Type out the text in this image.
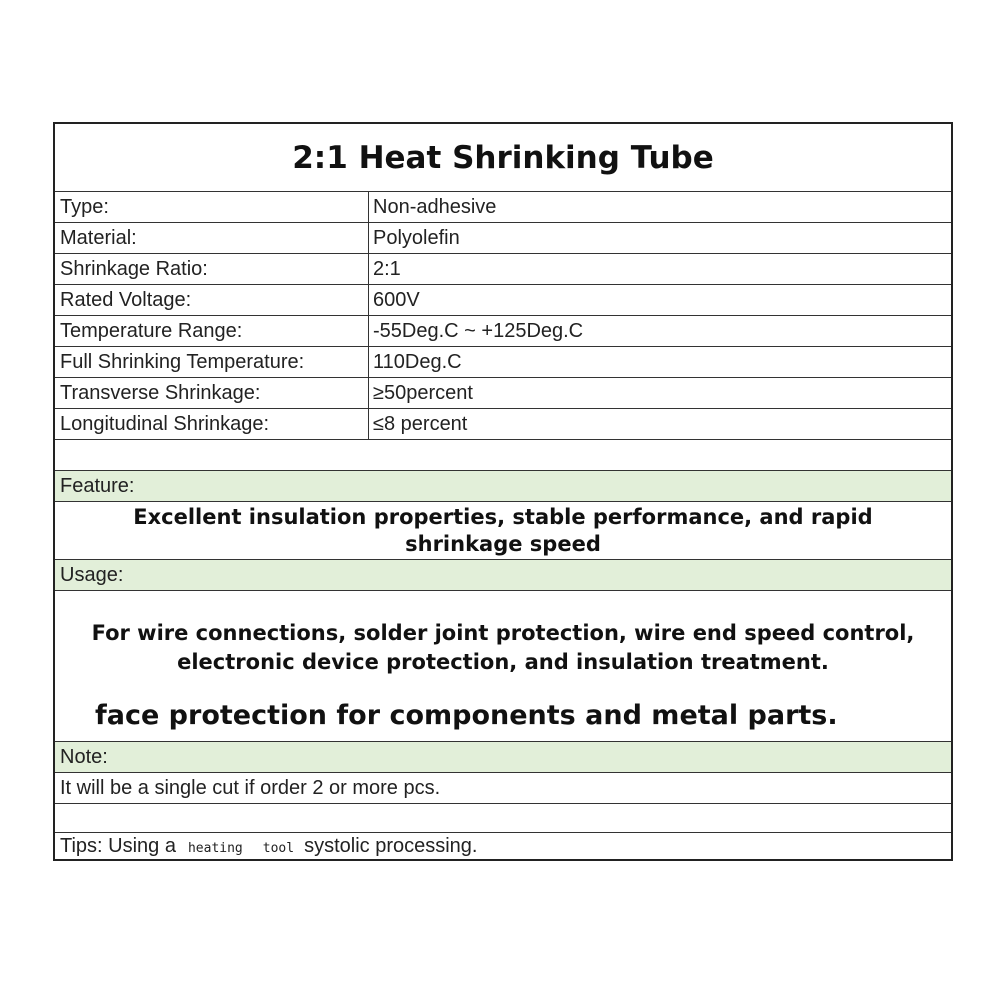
2:1 Heat Shrinking Tube
Type:	Non-adhesive
Material:	Polyolefin
Shrinkage Ratio:	2:1
Rated Voltage:	600V
Temperature Range:	-55Deg.C ~ +125Deg.C
Full Shrinking Temperature:	110Deg.C
Transverse Shrinkage:	≥50percent
Longitudinal Shrinkage:	≤8 percent
Feature:
Excellent insulation properties, stable performance, and rapid
shrinkage speed
Usage:
For wire connections, solder joint protection, wire end speed control,
electronic device protection, and insulation treatment.
face protection for components and metal parts.
Note:
It will be a single cut if order 2 or more pcs.
Tips: Using a heating tool systolic processing.
